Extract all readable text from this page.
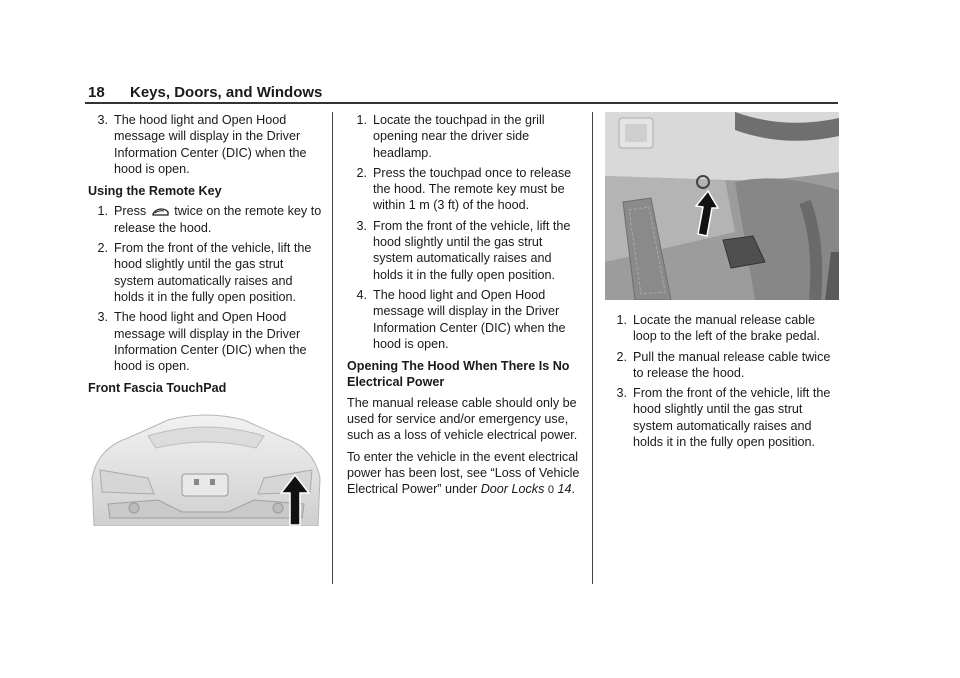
18	Keys, Doors, and Windows
3. The hood light and Open Hood message will display in the Driver Information Center (DIC) when the hood is open.
Using the Remote Key
1. Press twice on the remote key to release the hood.
2. From the front of the vehicle, lift the hood slightly until the gas strut system automatically raises and holds it in the fully open position.
3. The hood light and Open Hood message will display in the Driver Information Center (DIC) when the hood is open.
Front Fascia TouchPad
1. Locate the touchpad in the grill opening near the driver side headlamp.
2. Press the touchpad once to release the hood. The remote key must be within 1 m (3 ft) of the hood.
3. From the front of the vehicle, lift the hood slightly until the gas strut system automatically raises and holds it in the fully open position.
4. The hood light and Open Hood message will display in the Driver Information Center (DIC) when the hood is open.
Opening The Hood When There Is No Electrical Power

The manual release cable should only be used for service and/or emergency use, such as a loss of vehicle electrical power.

To enter the vehicle in the event electrical power has been lost, see “Loss of Vehicle Electrical Power” under Door Locks 0 14.

1. Locate the manual release cable loop to the left of the brake pedal.
2. Pull the manual release cable twice to release the hood.
3. From the front of the vehicle, lift the hood slightly until the gas strut system automatically raises and holds it in the fully open position.
